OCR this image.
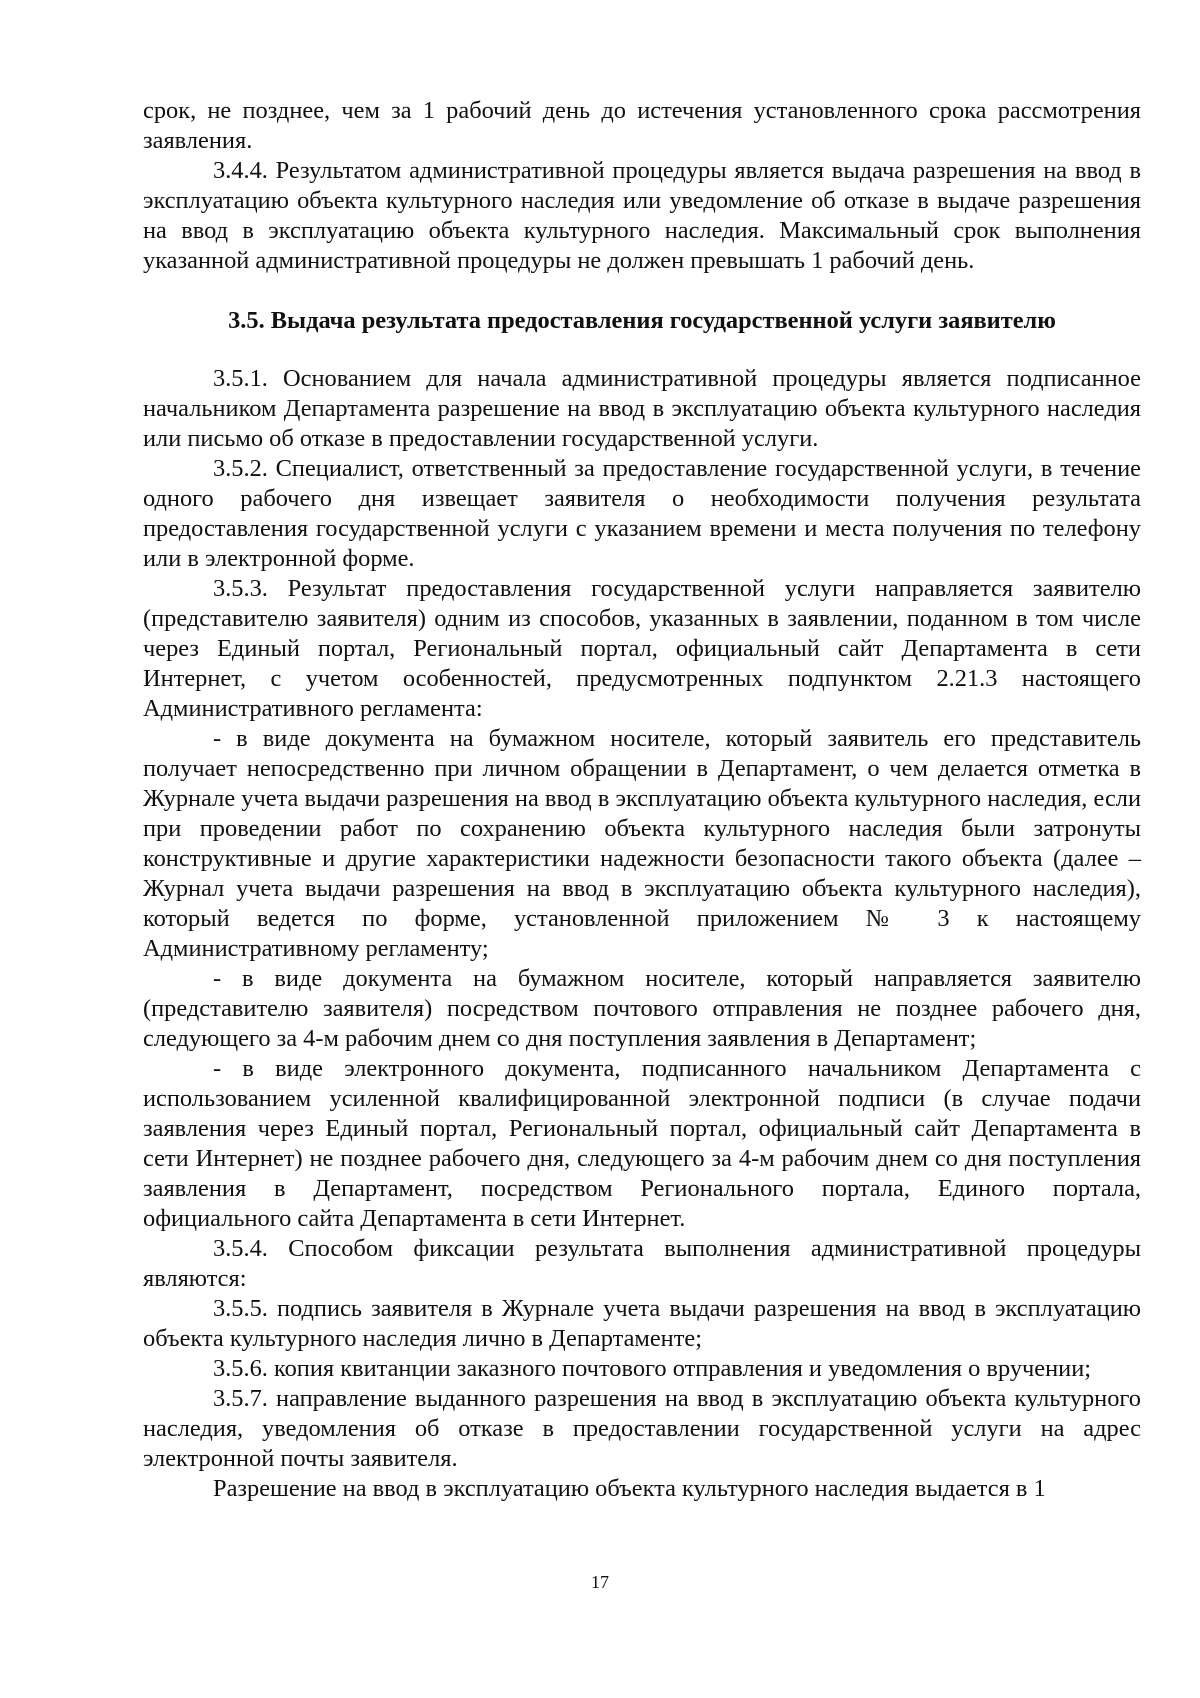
срок, не позднее, чем за 1 рабочий день до истечения установленного срока рассмотрения заявления.

3.4.4. Результатом административной процедуры является выдача разрешения на ввод в эксплуатацию объекта культурного наследия или уведомление об отказе в выдаче разрешения на ввод в эксплуатацию объекта культурного наследия. Максимальный срок выполнения указанной административной процедуры не должен превышать 1 рабочий день.

3.5. Выдача результата предоставления государственной услуги заявителю

3.5.1. Основанием для начала административной процедуры является подписанное начальником Департамента разрешение на ввод в эксплуатацию объекта культурного наследия или письмо об отказе в предоставлении государственной услуги.

3.5.2. Специалист, ответственный за предоставление государственной услуги, в течение одного рабочего дня извещает заявителя о необходимости получения результата предоставления государственной услуги с указанием времени и места получения по телефону или в электронной форме.

3.5.3. Результат предоставления государственной услуги направляется заявителю (представителю заявителя) одним из способов, указанных в заявлении, поданном в том числе через Единый портал, Региональный портал, официальный сайт Департамента в сети Интернет, с учетом особенностей, предусмотренных подпунктом 2.21.3 настоящего Административного регламента:

- в виде документа на бумажном носителе, который заявитель его представитель получает непосредственно при личном обращении в Департамент, о чем делается отметка в Журнале учета выдачи разрешения на ввод в эксплуатацию объекта культурного наследия, если при проведении работ по сохранению объекта культурного наследия были затронуты конструктивные и другие характеристики надежности безопасности такого объекта (далее – Журнал учета выдачи разрешения на ввод в эксплуатацию объекта культурного наследия), который ведется по форме, установленной приложением № 3 к настоящему Административному регламенту;

- в виде документа на бумажном носителе, который направляется заявителю (представителю заявителя) посредством почтового отправления не позднее рабочего дня, следующего за 4-м рабочим днем со дня поступления заявления в Департамент;

- в виде электронного документа, подписанного начальником Департамента с использованием усиленной квалифицированной электронной подписи (в случае подачи заявления через Единый портал, Региональный портал, официальный сайт Департамента в сети Интернет) не позднее рабочего дня, следующего за 4-м рабочим днем со дня поступления заявления в Департамент, посредством Регионального портала, Единого портала, официального сайта Департамента в сети Интернет.

3.5.4. Способом фиксации результата выполнения административной процедуры являются:

3.5.5. подпись заявителя в Журнале учета выдачи разрешения на ввод в эксплуатацию объекта культурного наследия лично в Департаменте;

3.5.6. копия квитанции заказного почтового отправления и уведомления о вручении;

3.5.7. направление выданного разрешения на ввод в эксплуатацию объекта культурного наследия, уведомления об отказе в предоставлении государственной услуги на адрес электронной почты заявителя.

Разрешение на ввод в эксплуатацию объекта культурного наследия выдается в 1

17
